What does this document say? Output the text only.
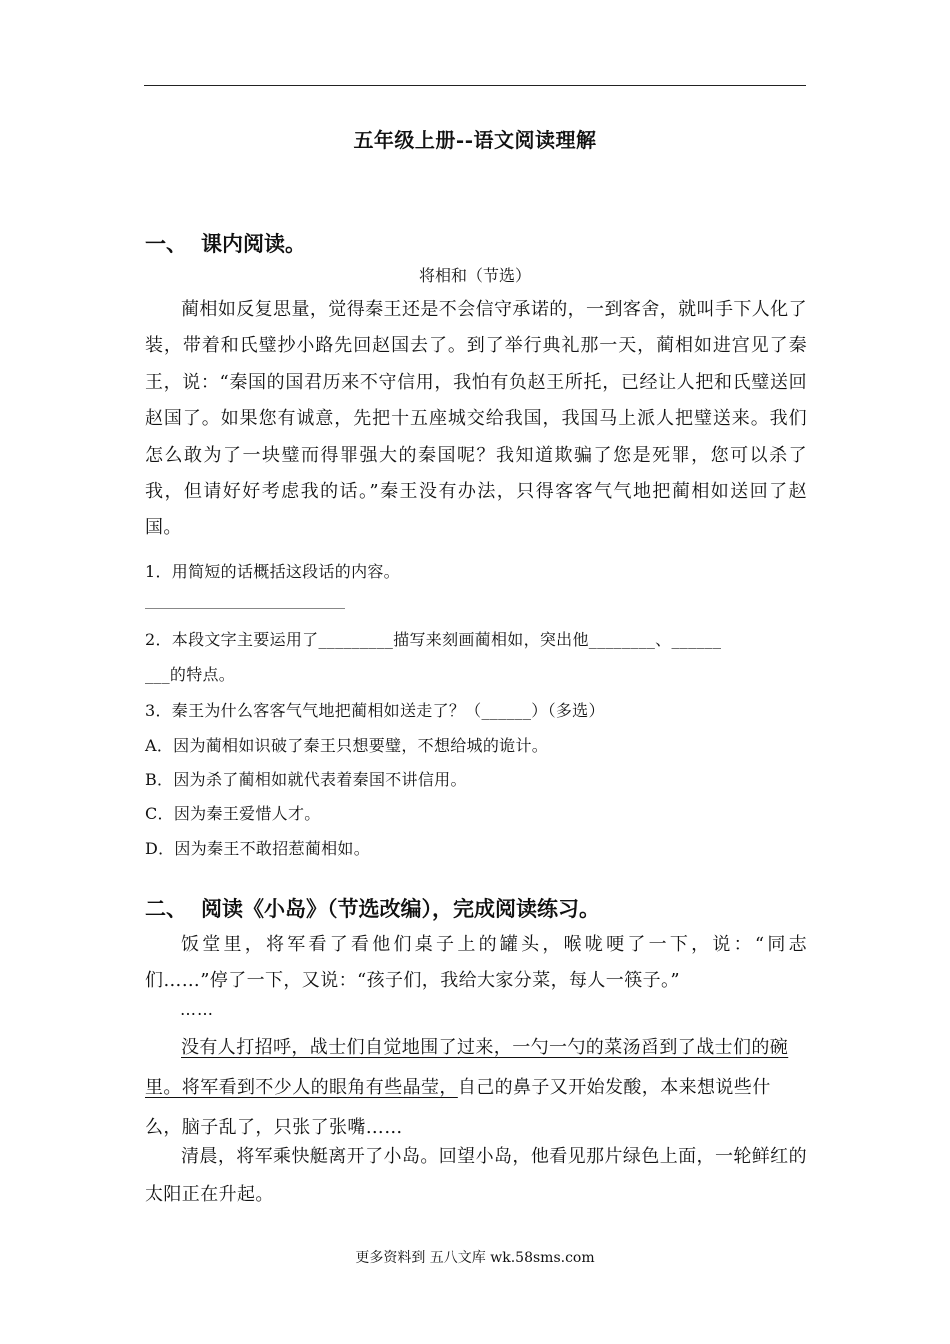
五年级上册--语文阅读理解
一、 课内阅读。
将相和（节选）
蔺相如反复思量，觉得秦王还是不会信守承诺的，一到客舍，就叫手下人化了装，带着和氏璧抄小路先回赵国去了。到了举行典礼那一天，蔺相如进宫见了秦王，说：“秦国的国君历来不守信用，我怕有负赵王所托，已经让人把和氏璧送回赵国了。如果您有诚意，先把十五座城交给我国，我国马上派人把璧送来。我们怎么敢为了一块璧而得罪强大的秦国呢？我知道欺骗了您是死罪，您可以杀了我，但请好好考虑我的话。”秦王没有办法，只得客客气气地把蔺相如送回了赵国。
1．用简短的话概括这段话的内容。
2．本段文字主要运用了_________描写来刻画蔺相如，突出他________、______
___的特点。
3．秦王为什么客客气气地把蔺相如送走了？（______）（多选）
A．因为蔺相如识破了秦王只想要璧，不想给城的诡计。
B．因为杀了蔺相如就代表着秦国不讲信用。
C．因为秦王爱惜人才。
D．因为秦王不敢招惹蔺相如。
二、 阅读《小岛》（节选改编），完成阅读练习。
饭堂里，将军看了看他们桌子上的罐头，喉咙哽了一下，说：“同志们……”停了一下，又说：“孩子们，我给大家分菜，每人一筷子。”
……
没有人打招呼，战士们自觉地围了过来，一勺一勺的菜汤舀到了战士们的碗里。将军看到不少人的眼角有些晶莹，自己的鼻子又开始发酸，本来想说些什么，脑子乱了，只张了张嘴……
清晨，将军乘快艇离开了小岛。回望小岛，他看见那片绿色上面，一轮鲜红的太阳正在升起。
更多资料到 五八文库 wk.58sms.com
